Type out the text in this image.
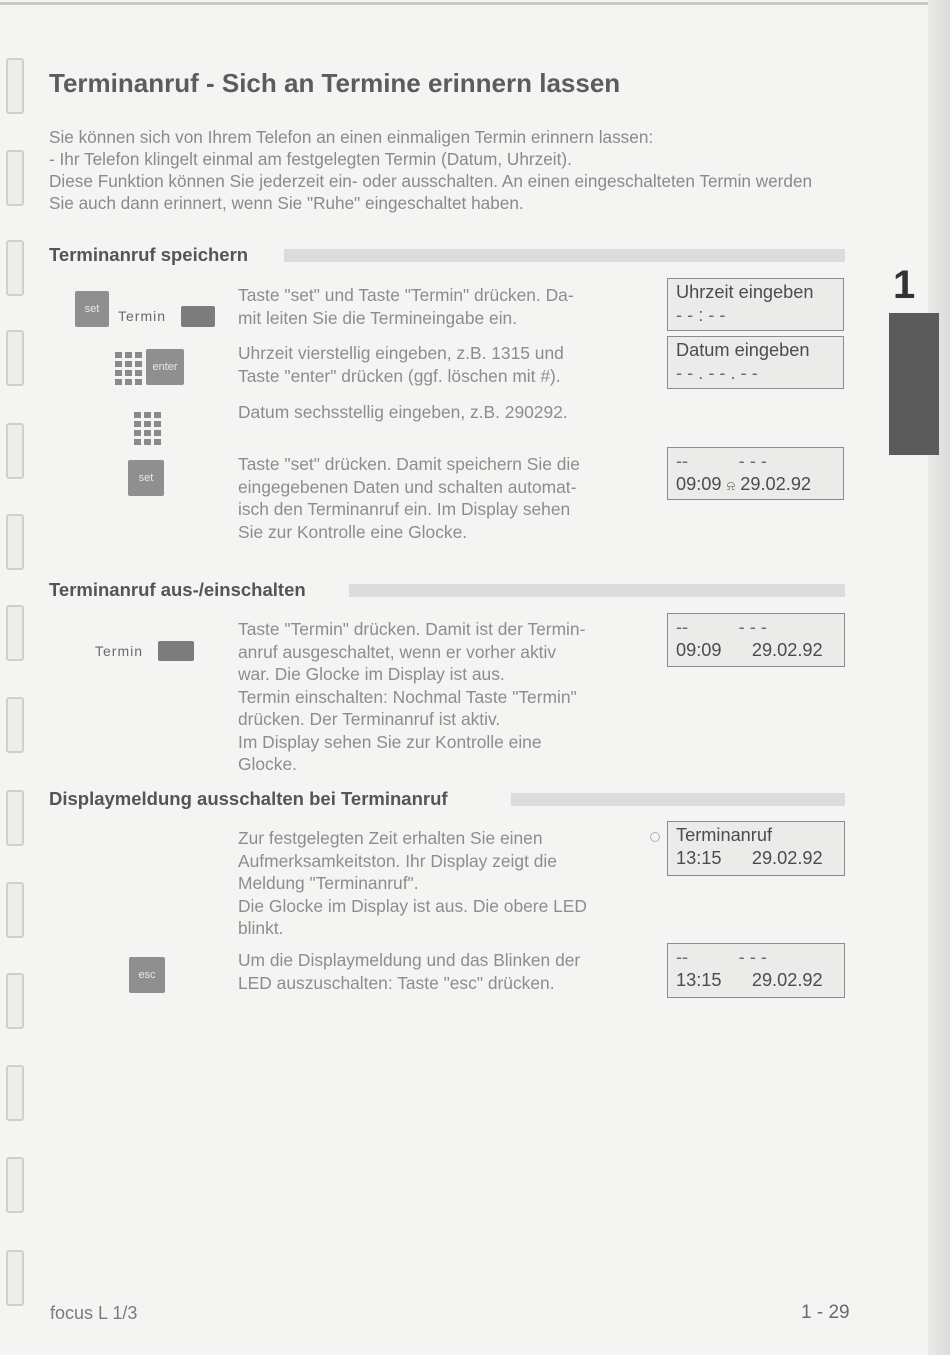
1
Terminanruf - Sich an Termine erinnern lassen

Sie können sich von Ihrem Telefon an einen einmaligen Termin erinnern lassen:

- Ihr Telefon klingelt einmal am festgelegten Termin (Datum, Uhrzeit).

Diese Funktion können Sie jederzeit ein- oder ausschalten. An einen eingeschalteten Termin werden Sie auch dann erinnert, wenn Sie "Ruhe" eingeschaltet haben.

Terminanruf speichern
set	Termin

Taste "set" und Taste "Termin" drücken. Da-

mit leiten Sie die Termineingabe ein.

enter

Uhrzeit vierstellig eingeben, z.B. 1315 und

Taste "enter" drücken (ggf. löschen mit #).

Datum sechsstellig eingeben, z.B. 290292.

set

Taste "set" drücken. Damit speichern Sie die

eingegebenen Daten und schalten automat-

isch den Terminanruf ein. Im Display sehen

Sie zur Kontrolle eine Glocke.

Uhrzeit eingeben
- - : - -
Datum eingeben
- - . - - . - -
--          - - -
09:09 ⍾ 29.02.92
Terminanruf aus-/einschalten
Termin

Taste "Termin" drücken. Damit ist der Termin-

anruf ausgeschaltet, wenn er vorher aktiv

war. Die Glocke im Display ist aus.

Termin einschalten: Nochmal Taste "Termin"

drücken. Der Terminanruf ist aktiv.

Im Display sehen Sie zur Kontrolle eine

Glocke.

--          - - -
09:09      29.02.92
Displaymeldung ausschalten bei Terminanruf

Zur festgelegten Zeit erhalten Sie einen

Aufmerksamkeitston. Ihr Display zeigt die

Meldung "Terminanruf".

Die Glocke im Display ist aus. Die obere LED

blinkt.

Terminanruf
13:15      29.02.92
esc

Um die Displaymeldung und das Blinken der

LED auszuschalten: Taste "esc" drücken.

--          - - -
13:15      29.02.92
focus L 1/3	1 - 29
